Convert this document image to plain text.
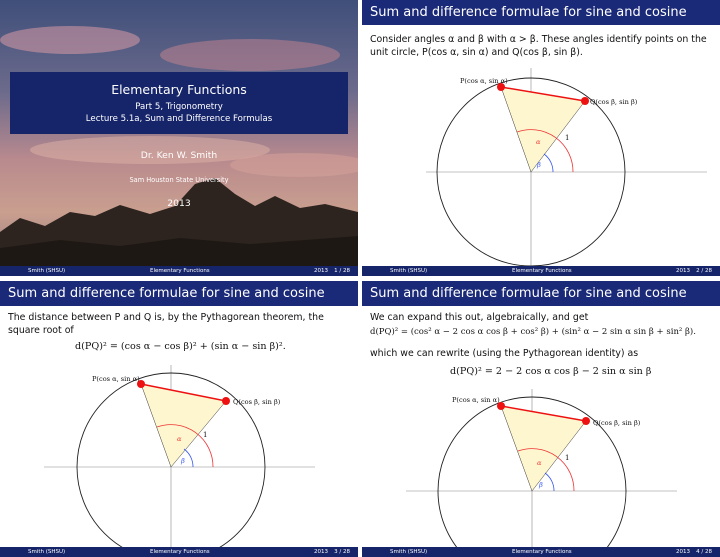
Elementary Functions
Part 5, Trigonometry
Lecture 5.1a, Sum and Difference Formulas
Dr. Ken W. Smith
Sam Houston State University
2013
Smith (SHSU)	Elementary Functions	2013 1 / 28
Sum and difference formulae for sine and cosine
Consider angles α and β with α > β. These angles identify points on the
unit circle, P(cos α, sin α) and Q(cos β, sin β).
P(cos α, sin α)
Q(cos β, sin β)
1
α
β
Smith (SHSU)	Elementary Functions	2013 2 / 28
Sum and difference formulae for sine and cosine
The distance between P and Q is, by the Pythagorean theorem, the
square root of
d(PQ)² = (cos α − cos β)² + (sin α − sin β)².
P(cos α, sin α)
Q(cos β, sin β)
1
α
β
Smith (SHSU)	Elementary Functions	2013 3 / 28
Sum and difference formulae for sine and cosine
We can expand this out, algebraically, and get
d(PQ)² = (cos² α − 2 cos α cos β + cos² β) + (sin² α − 2 sin α sin β + sin² β).
which we can rewrite (using the Pythagorean identity) as
d(PQ)² = 2 − 2 cos α cos β − 2 sin α sin β
P(cos α, sin α)
Q(cos β, sin β)
1
α
β
Smith (SHSU)	Elementary Functions	2013 4 / 28
